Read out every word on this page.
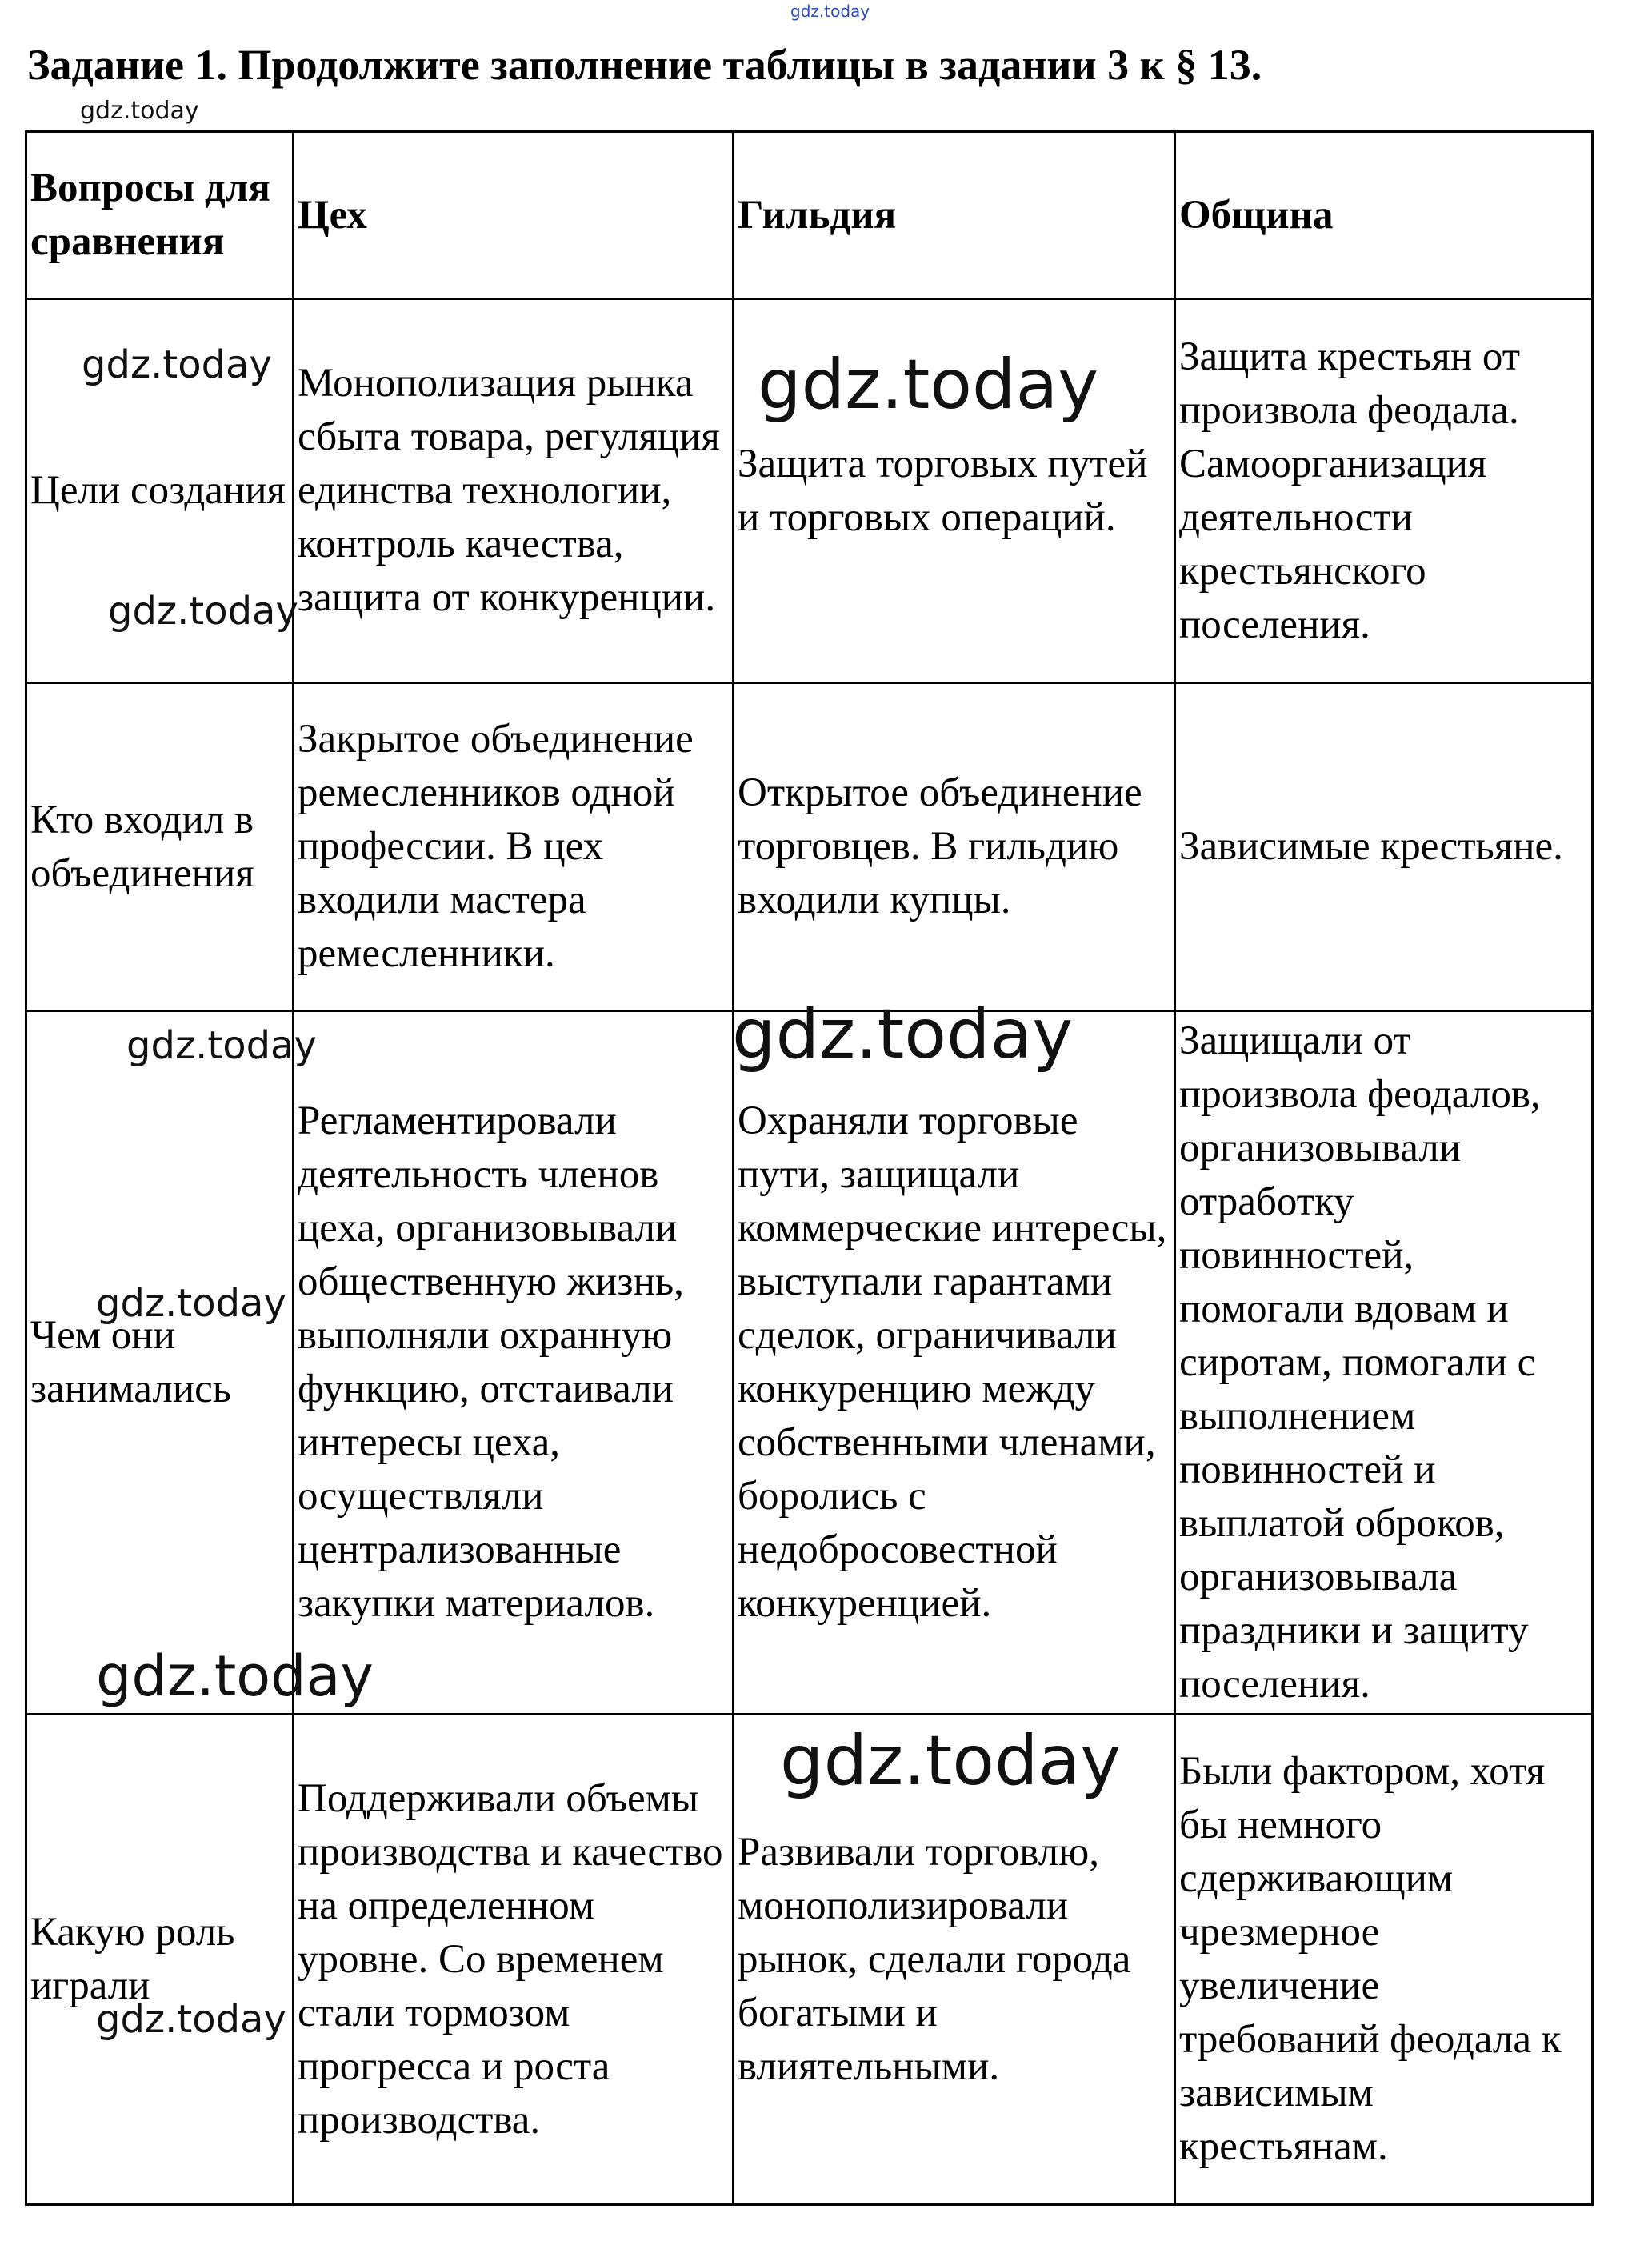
gdz.today
Задание 1. Продолжите заполнение таблицы в задании 3 к § 13.
gdz.today
Вопросы для сравнения	Цех	Гильдия	Община
Цели создания	Монополизация рынка сбыта товара, регуляция единства технологии, контроль качества, защита от конкуренции.	Защита торговых путей и торговых операций.	Защита крестьян от произвола феодала. Самоорганизация деятельности крестьянского поселения.
Кто входил в объединения	Закрытое объединение ремесленников одной профессии. В цех входили мастера ремесленники.	Открытое объединение торговцев. В гильдию входили купцы.	Зависимые крестьяне.
Чем они занимались	Регламентировали деятельность членов цеха, организовывали общественную жизнь, выполняли охранную функцию, отстаивали интересы цеха, осуществляли централизованные закупки материалов.	Охраняли торговые пути, защищали коммерческие интересы, выступали гарантами сделок, ограничивали конкуренцию между собственными членами, боролись с недобросовестной конкуренцией.	Защищали от произвола феодалов, организовывали отработку повинностей, помогали вдовам и сиротам, помогали с выполнением повинностей и выплатой оброков, организовывала праздники и защиту поселения.
Какую роль играли	Поддерживали объемы производства и качество на определенном уровне. Со временем стали тормозом прогресса и роста производства.	Развивали торговлю, монополизировали рынок, сделали города богатыми и влиятельными.	Были фактором, хотя бы немного сдерживающим чрезмерное увеличение требований феодала к зависимым крестьянам.
gdz.today	gdz.today
gdz.today
gdz.today	gdz.today
gdz.today
gdz.today
gdz.today
gdz.today
